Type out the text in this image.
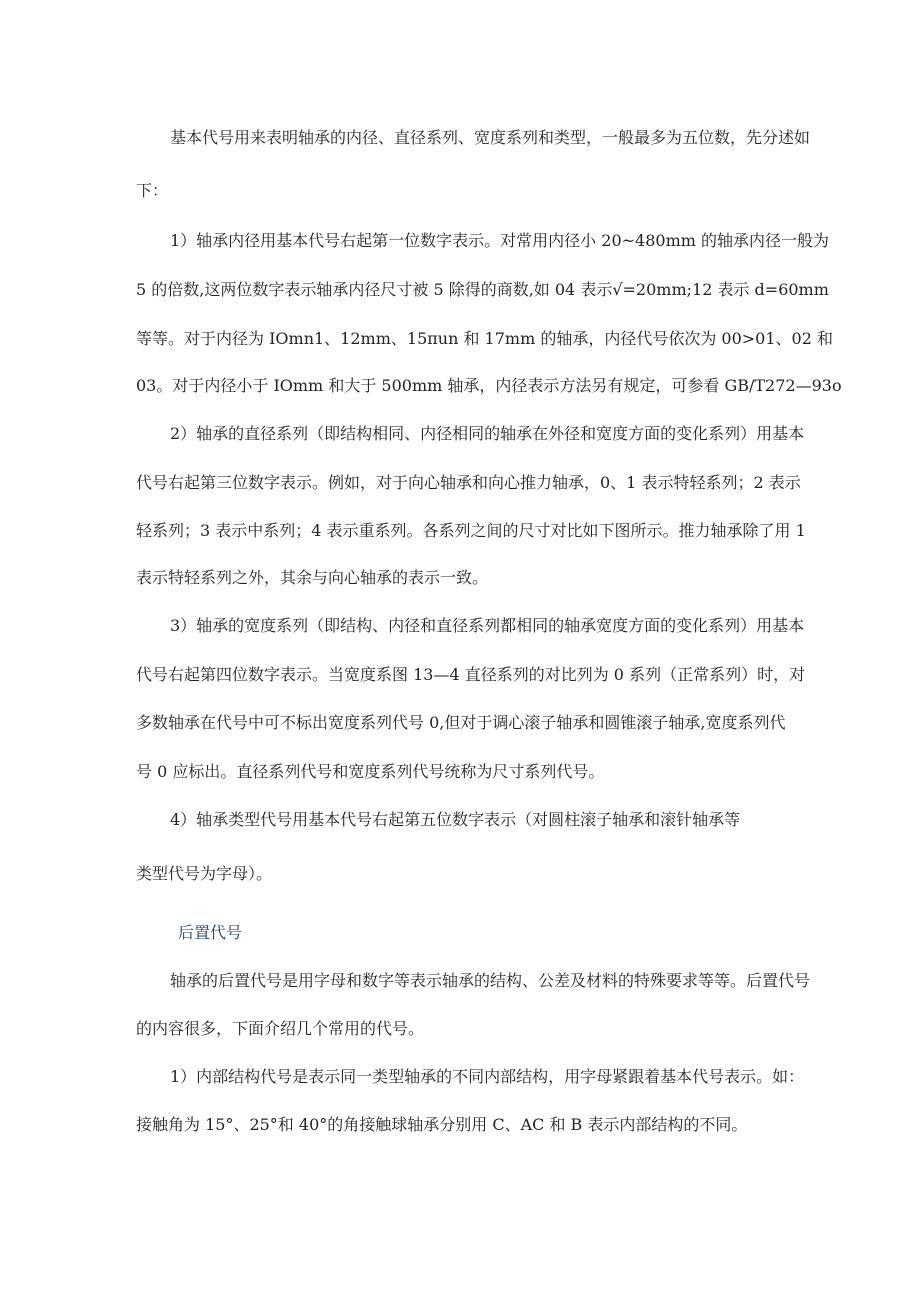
基本代号用来表明轴承的内径、直径系列、宽度系列和类型，一般最多为五位数，先分述如

下：

1）轴承内径用基本代号右起第一位数字表示。对常用内径小 20~480mm 的轴承内径一般为

5 的倍数,这两位数字表示轴承内径尺寸被 5 除得的商数,如 04 表示√=20mm;12 表示 d=60mm

等等。对于内径为 IOmn1、12mm、15πun 和 17mm 的轴承，内径代号依次为 00>01、02 和

03。对于内径小于 IOmm 和大于 500mm 轴承，内径表示方法另有规定，可参看 GB/T272—93o

2）轴承的直径系列（即结构相同、内径相同的轴承在外径和宽度方面的变化系列）用基本

代号右起第三位数字表示。例如，对于向心轴承和向心推力轴承，0、1 表示特轻系列；2 表示

轻系列；3 表示中系列；4 表示重系列。各系列之间的尺寸对比如下图所示。推力轴承除了用 1

表示特轻系列之外，其余与向心轴承的表示一致。

3）轴承的宽度系列（即结构、内径和直径系列都相同的轴承宽度方面的变化系列）用基本

代号右起第四位数字表示。当宽度系图 13—4 直径系列的对比列为 0 系列（正常系列）时，对

多数轴承在代号中可不标出宽度系列代号 0,但对于调心滚子轴承和圆锥滚子轴承,宽度系列代

号 0 应标出。直径系列代号和宽度系列代号统称为尺寸系列代号。

4）轴承类型代号用基本代号右起第五位数字表示（对圆柱滚子轴承和滚针轴承等

类型代号为字母）。

后置代号

轴承的后置代号是用字母和数字等表示轴承的结构、公差及材料的特殊要求等等。后置代号

的内容很多，下面介绍几个常用的代号。

1）内部结构代号是表示同一类型轴承的不同内部结构，用字母紧跟着基本代号表示。如：

接触角为 15°、25°和 40°的角接触球轴承分别用 C、AC 和 B 表示内部结构的不同。
